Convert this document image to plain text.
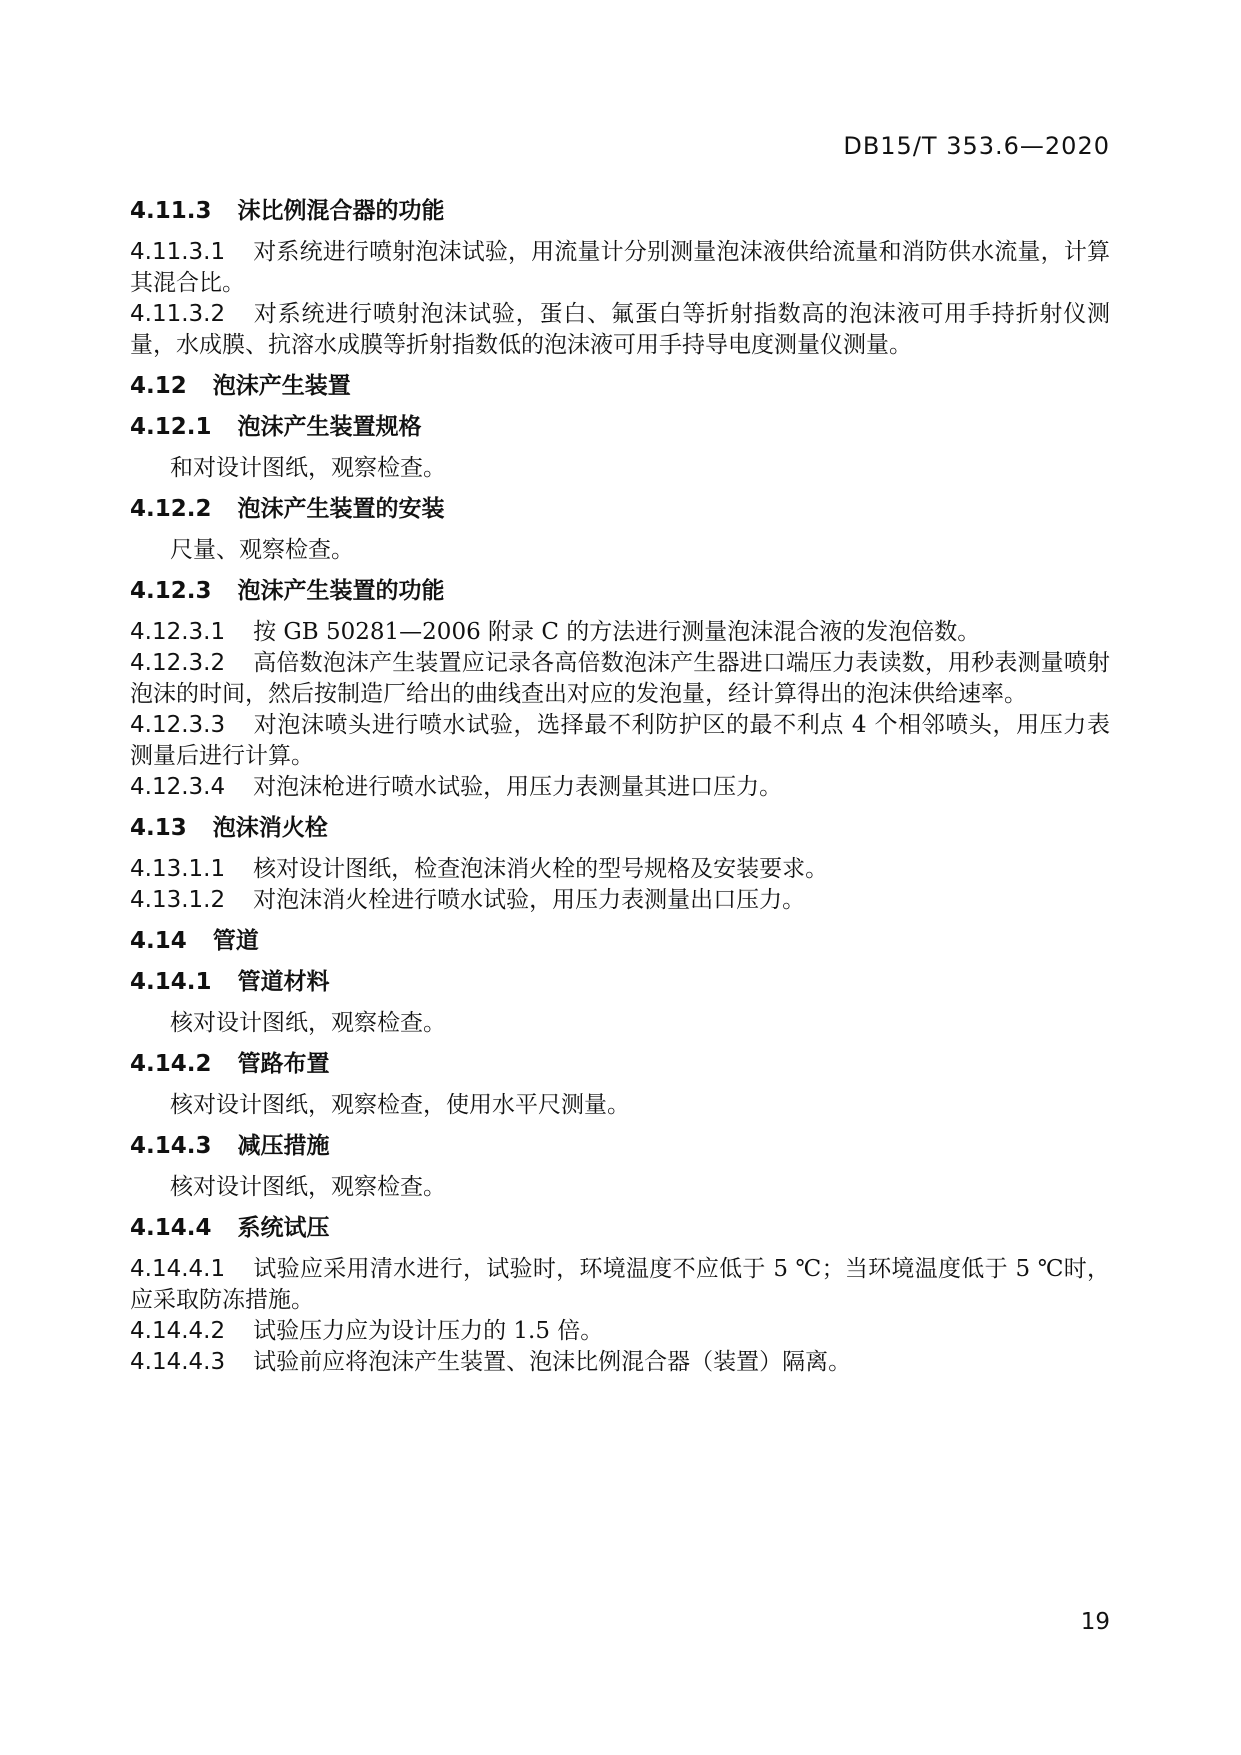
DB15/T 353.6—2020
4.11.3 沫比例混合器的功能

4.11.3.1 对系统进行喷射泡沫试验，用流量计分别测量泡沫液供给流量和消防供水流量，计算其混合比。

4.11.3.2 对系统进行喷射泡沫试验，蛋白、氟蛋白等折射指数高的泡沫液可用手持折射仪测量，水成膜、抗溶水成膜等折射指数低的泡沫液可用手持导电度测量仪测量。

4.12 泡沫产生装置
4.12.1 泡沫产生装置规格

和对设计图纸，观察检查。

4.12.2 泡沫产生装置的安装

尺量、观察检查。

4.12.3 泡沫产生装置的功能

4.12.3.1 按 GB 50281—2006 附录 C 的方法进行测量泡沫混合液的发泡倍数。

4.12.3.2 高倍数泡沫产生装置应记录各高倍数泡沫产生器进口端压力表读数，用秒表测量喷射泡沫的时间，然后按制造厂给出的曲线查出对应的发泡量，经计算得出的泡沫供给速率。

4.12.3.3 对泡沫喷头进行喷水试验，选择最不利防护区的最不利点 4 个相邻喷头，用压力表测量后进行计算。

4.12.3.4 对泡沫枪进行喷水试验，用压力表测量其进口压力。

4.13 泡沫消火栓

4.13.1.1 核对设计图纸，检查泡沫消火栓的型号规格及安装要求。

4.13.1.2 对泡沫消火栓进行喷水试验，用压力表测量出口压力。

4.14 管道
4.14.1 管道材料

核对设计图纸，观察检查。

4.14.2 管路布置

核对设计图纸，观察检查，使用水平尺测量。

4.14.3 减压措施

核对设计图纸，观察检查。

4.14.4 系统试压

4.14.4.1 试验应采用清水进行，试验时，环境温度不应低于 5 ℃；当环境温度低于 5 ℃时，应采取防冻措施。

4.14.4.2 试验压力应为设计压力的 1.5 倍。

4.14.4.3 试验前应将泡沫产生装置、泡沫比例混合器（装置）隔离。

19
